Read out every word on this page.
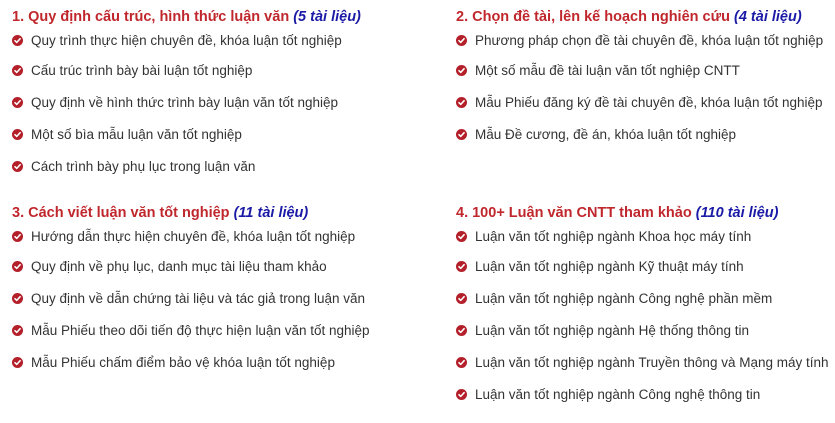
1. Quy định cấu trúc, hình thức luận văn (5 tài liệu)
Quy trình thực hiện chuyên đề, khóa luận tốt nghiệp
Cấu trúc trình bày bài luận tốt nghiệp
Quy định về hình thức trình bày luận văn tốt nghiệp
Một số bìa mẫu luận văn tốt nghiệp
Cách trình bày phụ lục trong luận văn
2. Chọn đề tài, lên kế hoạch nghiên cứu (4 tài liệu)
Phương pháp chọn đề tài chuyên đề, khóa luận tốt nghiệp
Một số mẫu đề tài luận văn tốt nghiệp CNTT
Mẫu Phiếu đăng ký đề tài chuyên đề, khóa luận tốt nghiệp
Mẫu Đề cương, đề án, khóa luận tốt nghiệp
3. Cách viết luận văn tốt nghiệp (11 tài liệu)
Hướng dẫn thực hiện chuyên đề, khóa luận tốt nghiệp
Quy định về phụ lục, danh mục tài liệu tham khảo
Quy định về dẫn chứng tài liệu và tác giả trong luận văn
Mẫu Phiếu theo dõi tiến độ thực hiện luận văn tốt nghiệp
Mẫu Phiếu chấm điểm bảo vệ khóa luận tốt nghiệp
4. 100+ Luận văn CNTT tham khảo (110 tài liệu)
Luận văn tốt nghiệp ngành Khoa học máy tính
Luận văn tốt nghiệp ngành Kỹ thuật máy tính
Luận văn tốt nghiệp ngành Công nghệ phần mềm
Luận văn tốt nghiệp ngành Hệ thống thông tin
Luận văn tốt nghiệp ngành Truyền thông và Mạng máy tính
Luận văn tốt nghiệp ngành Công nghệ thông tin
